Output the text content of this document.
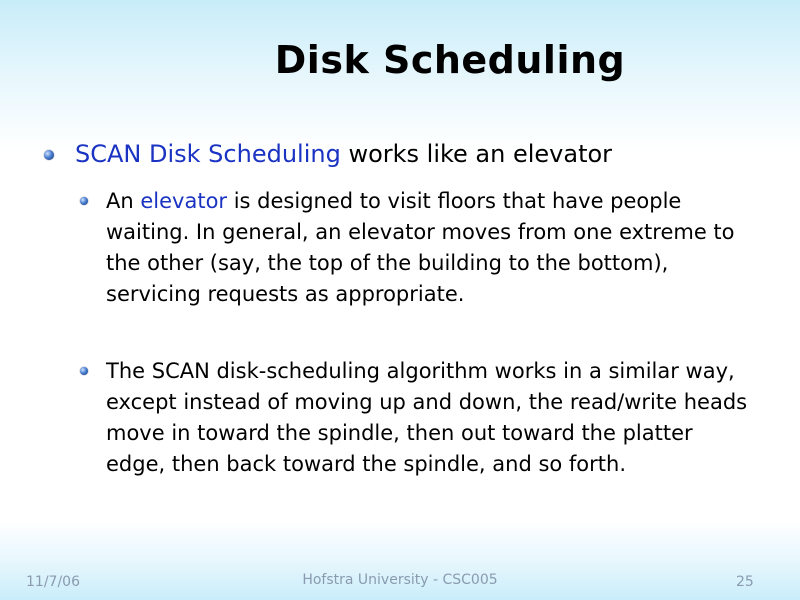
Disk Scheduling
SCAN Disk Scheduling works like an elevator
An elevator is designed to visit floors that have people waiting. In general, an elevator moves from one extreme to the other (say, the top of the building to the bottom), servicing requests as appropriate.
The SCAN disk-scheduling algorithm works in a similar way, except instead of moving up and down, the read/write heads move in toward the spindle, then out toward the platter edge, then back toward the spindle, and so forth.
11/7/06	Hofstra University - CSC005	25
